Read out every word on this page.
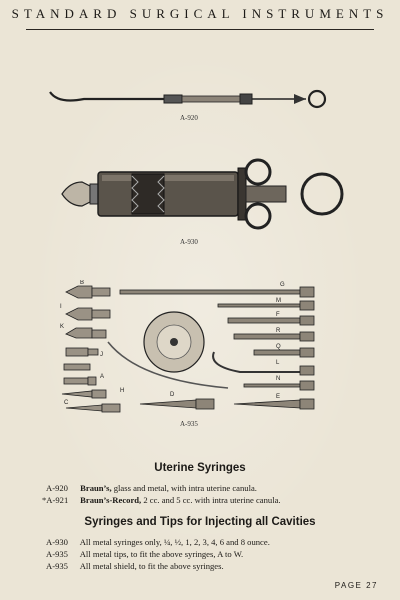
STANDARD SURGICAL INSTRUMENTS
A-920
A-930
B
I
K
J
A
C
H
G
M
F
R
Q
L
N
D	E
A-935
Uterine Syringes
A-920 Braun’s, glass and metal, with intra uterine canula.
*A-921 Braun’s-Record, 2 cc. and 5 cc. with intra uterine canula.
Syringes and Tips for Injecting all Cavities
A-930 All metal syringes only, ¼, ½, 1, 2, 3, 4, 6 and 8 ounce.
A-935 All metal tips, to fit the above syringes, A to W.
A-935 All metal shield, to fit the above syringes.
PAGE 27
